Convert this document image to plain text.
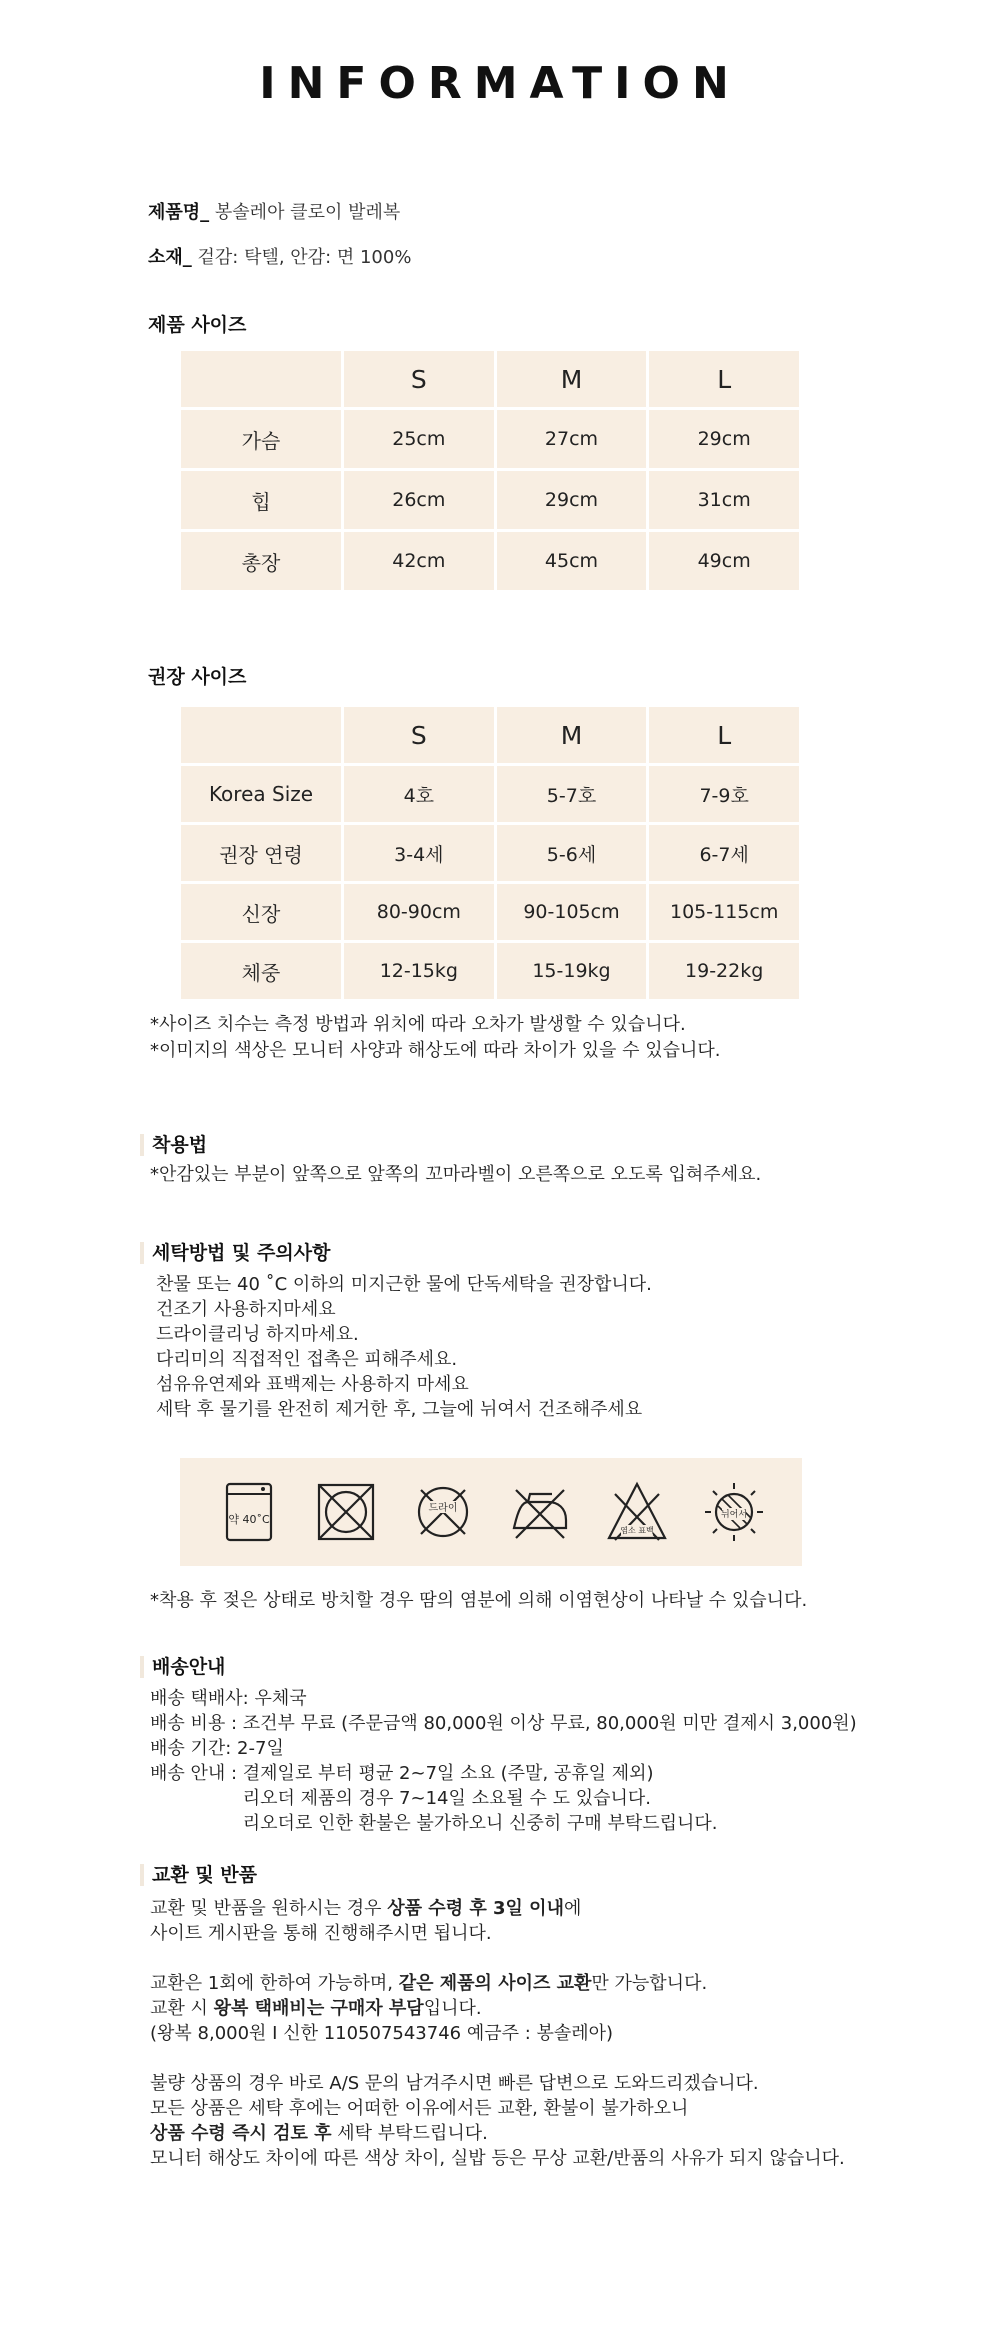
INFORMATION
제품명_ 봉솔레아 클로이 발레복
소재_ 겉감: 탁텔, 안감: 면 100%
제품 사이즈
	S	M	L
가슴	25cm	27cm	29cm
힙	26cm	29cm	31cm
총장	42cm	45cm	49cm
권장 사이즈
	S	M	L
Korea Size	4호	5-7호	7-9호
권장 연령	3-4세	5-6세	6-7세
신장	80-90cm	90-105cm	105-115cm
체중	12-15kg	15-19kg	19-22kg
*사이즈 치수는 측정 방법과 위치에 따라 오차가 발생할 수 있습니다.
*이미지의 색상은 모니터 사양과 해상도에 따라 차이가 있을 수 있습니다.
착용법
*안감있는 부분이 앞쪽으로 앞쪽의 꼬마라벨이 오른쪽으로 오도록 입혀주세요.
세탁방법 및 주의사항
찬물 또는 40 ˚C 이하의 미지근한 물에 단독세탁을 권장합니다.
건조기 사용하지마세요
드라이클리닝 하지마세요.
다리미의 직접적인 접촉은 피해주세요.
섬유유연제와 표백제는 사용하지 마세요
세탁 후 물기를 완전히 제거한 후, 그늘에 뉘여서 건조해주세요
약 40˚C
드라이
염소 표백
뉘어서
*착용 후 젖은 상태로 방치할 경우 땀의 염분에 의해 이염현상이 나타날 수 있습니다.
배송안내
배송 택배사: 우체국
배송 비용 : 조건부 무료 (주문금액 80,000원 이상 무료, 80,000원 미만 결제시 3,000원)
배송 기간: 2-7일
배송 안내 : 결제일로 부터 평균 2~7일 소요 (주말, 공휴일 제외)
리오더 제품의 경우 7~14일 소요될 수 도 있습니다.
리오더로 인한 환불은 불가하오니 신중히 구매 부탁드립니다.
교환 및 반품
교환 및 반품을 원하시는 경우 상품 수령 후 3일 이내에
사이트 게시판을 통해 진행해주시면 됩니다.
교환은 1회에 한하여 가능하며, 같은 제품의 사이즈 교환만 가능합니다.
교환 시 왕복 택배비는 구매자 부담입니다.
(왕복 8,000원 I 신한 110507543746 예금주 : 봉솔레아)
불량 상품의 경우 바로 A/S 문의 남겨주시면 빠른 답변으로 도와드리겠습니다.
모든 상품은 세탁 후에는 어떠한 이유에서든 교환, 환불이 불가하오니
상품 수령 즉시 검토 후 세탁 부탁드립니다.
모니터 해상도 차이에 따른 색상 차이, 실밥 등은 무상 교환/반품의 사유가 되지 않습니다.
